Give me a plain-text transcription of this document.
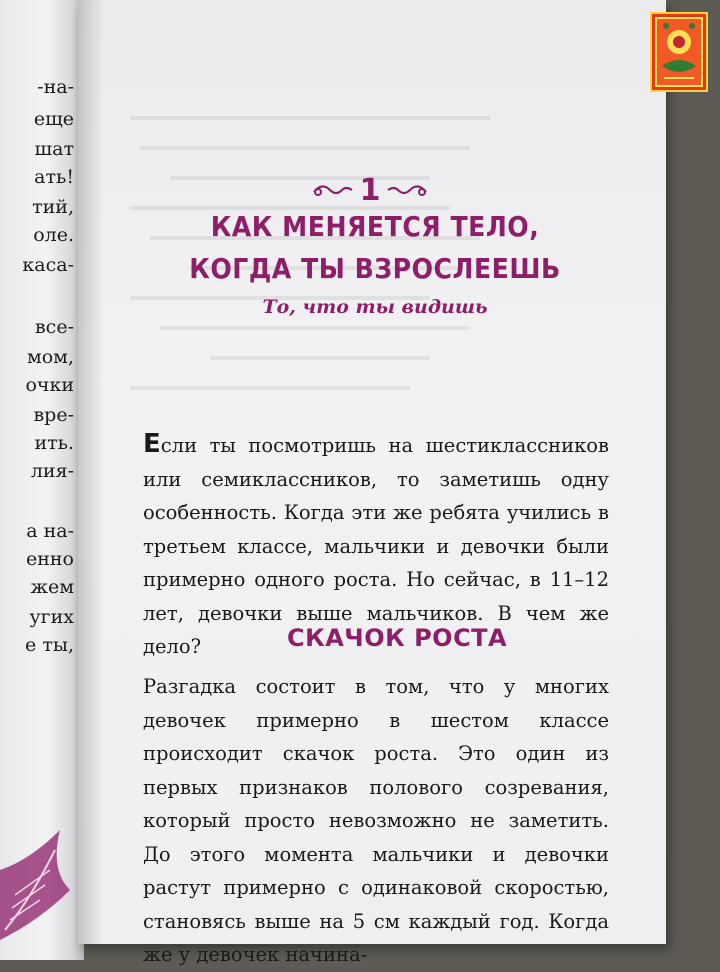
-на-
еще
шат
ать!
тий,
оле.
каса-
все-
мом,
очки
вре-
ить.
лия-
а на-
енно
жем
угих
е ты,
1
КАК МЕНЯЕТСЯ ТЕЛО,
КОГДА ТЫ ВЗРОСЛЕЕШЬ
То, что ты видишь
Если ты посмотришь на шестиклассников или семиклассников, то заметишь одну особенность. Когда эти же ребята учились в третьем классе, мальчики и девочки были примерно одного роста. Но сейчас, в 11–12 лет, девочки выше мальчиков. В чем же дело?	СКАЧОК РОСТА
Разгадка состоит в том, что у многих девочек примерно в шестом классе происходит скачок роста. Это один из первых признаков полового созревания, который просто невозможно не заметить. До этого момента мальчики и девочки растут примерно с одинаковой скоростью, становясь выше на 5 см каждый год. Когда же у девочек начина-
